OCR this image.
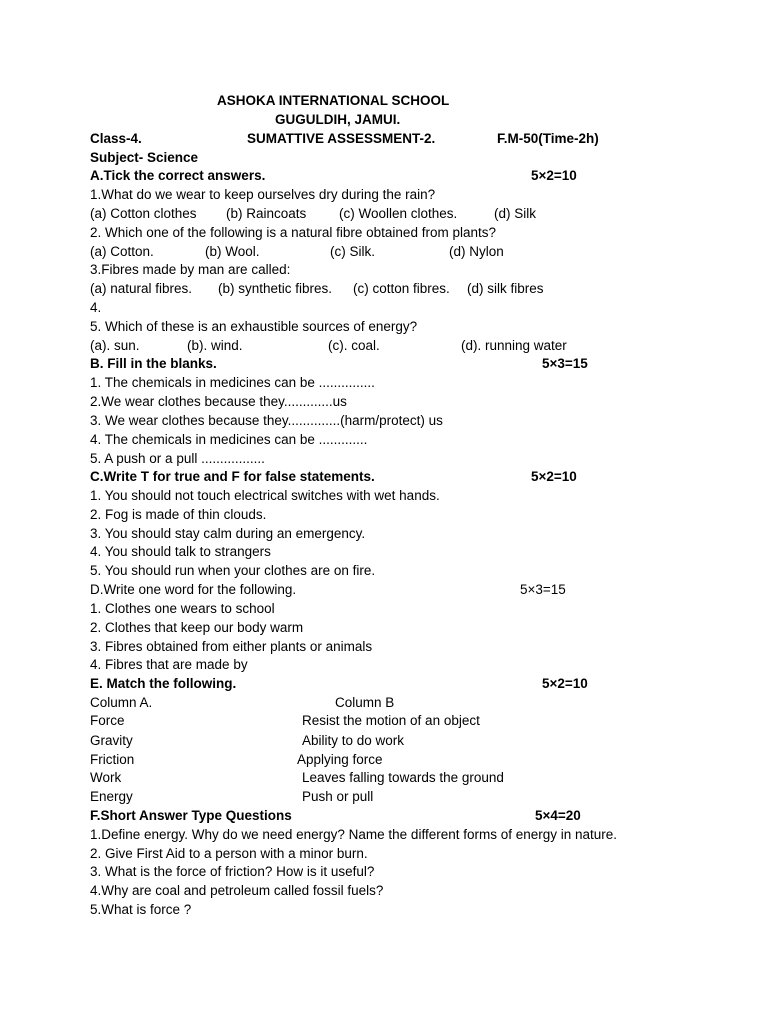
ASHOKA INTERNATIONAL SCHOOL
GUGULDIH, JAMUI.
Class-4.	SUMATTIVE ASSESSMENT-2.	F.M-50(Time-2h)
Subject- Science
A.Tick the correct answers.	5×2=10
1.What do we wear to keep ourselves dry during the rain?
(a) Cotton clothes (b) Raincoats (c) Woollen clothes.	(d) Silk
2. Which one of the following is a natural fibre obtained from plants?
(a) Cotton.	(b) Wool.	(c) Silk.	(d) Nylon
3.Fibres made by man are called:
(a) natural fibres. (b) synthetic fibres. (c) cotton fibres. (d) silk fibres
4.
5. Which of these is an exhaustible sources of energy?
(a). sun.	(b). wind.	(c). coal.	(d). running water
B. Fill in the blanks.	5×3=15
1. The chemicals in medicines can be ...............
2.We wear clothes because they.............us
3. We wear clothes because they..............(harm/protect) us
4. The chemicals in medicines can be .............
5. A push or a pull .................
C.Write T for true and F for false statements.	5×2=10
1. You should not touch electrical switches with wet hands.
2. Fog is made of thin clouds.
3. You should stay calm during an emergency.
4. You should talk to strangers
5. You should run when your clothes are on fire.
D.Write one word for the following.	5×3=15
1. Clothes one wears to school
2. Clothes that keep our body warm
3. Fibres obtained from either plants or animals
4. Fibres that are made by
E. Match the following.	5×2=10
Column A.	Column B
Force	Resist the motion of an object
Gravity	Ability to do work
Friction	Applying force
Work	Leaves falling towards the ground
Energy	Push or pull
F.Short Answer Type Questions	5×4=20
1.Define energy. Why do we need energy? Name the different forms of energy in nature.
2. Give First Aid to a person with a minor burn.
3. What is the force of friction? How is it useful?
4.Why are coal and petroleum called fossil fuels?
5.What is force ?
